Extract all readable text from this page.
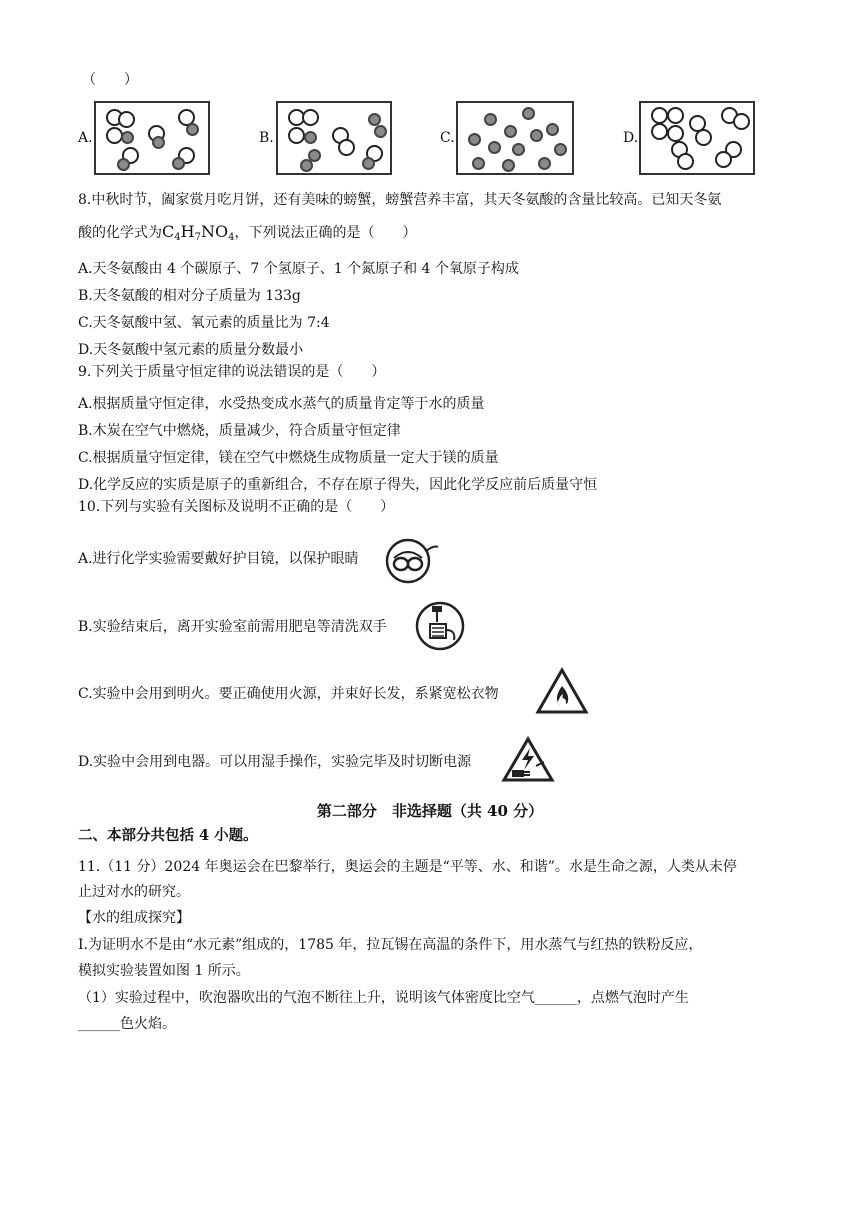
（　　）
A.	B.	C.	D.
8.中秋时节，阖家赏月吃月饼，还有美味的螃蟹，螃蟹营养丰富，其天冬氨酸的含量比较高。已知天冬氨
酸的化学式为$C_4H_7NO_4$，下列说法正确的是（　　）
A.天冬氨酸由 4 个碳原子、7 个氢原子、1 个氮原子和 4 个氧原子构成
B.天冬氨酸的相对分子质量为 133g
C.天冬氨酸中氢、氧元素的质量比为 7:4
D.天冬氨酸中氢元素的质量分数最小
9.下列关于质量守恒定律的说法错误的是（　　）
A.根据质量守恒定律，水受热变成水蒸气的质量肯定等于水的质量
B.木炭在空气中燃烧，质量减少，符合质量守恒定律
C.根据质量守恒定律，镁在空气中燃烧生成物质量一定大于镁的质量
D.化学反应的实质是原子的重新组合，不存在原子得失，因此化学反应前后质量守恒
10.下列与实验有关图标及说明不正确的是（　　）
A.进行化学实验需要戴好护目镜，以保护眼睛
B.实验结束后，离开实验室前需用肥皂等清洗双手
C.实验中会用到明火。要正确使用火源，并束好长发，系紧宽松衣物
D.实验中会用到电器。可以用湿手操作，实验完毕及时切断电源
第二部分　非选择题（共 40 分）
二、本部分共包括 4 小题。
11.（11 分）2024 年奥运会在巴黎举行，奥运会的主题是“平等、水、和谐”。水是生命之源，人类从未停
止过对水的研究。
【水的组成探究】
Ⅰ.为证明水不是由“水元素”组成的，1785 年，拉瓦锡在高温的条件下，用水蒸气与红热的铁粉反应，
模拟实验装置如图 1 所示。
（1）实验过程中，吹泡器吹出的气泡不断往上升，说明该气体密度比空气______，点燃气泡时产生
______色火焰。
